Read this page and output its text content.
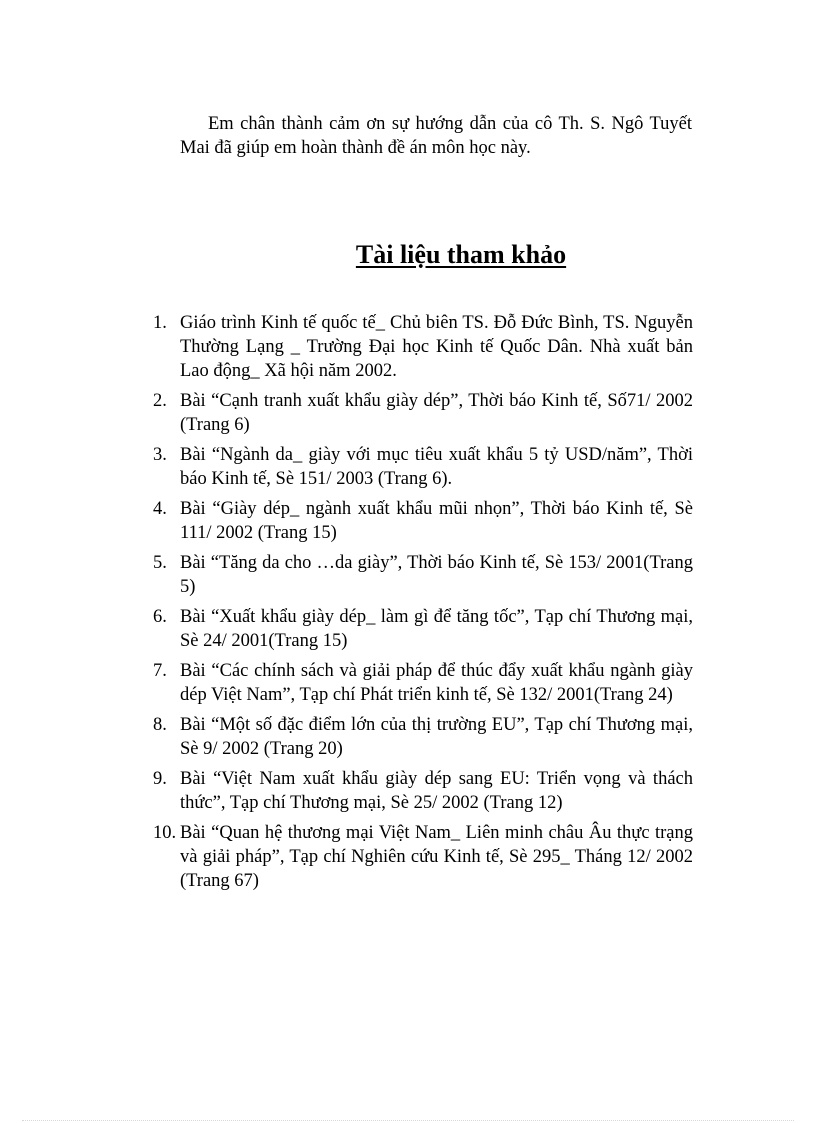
Em chân thành cảm ơn sự hướng dẫn của cô Th. S. Ngô Tuyết Mai đã giúp em hoàn thành đề án môn học này.

Tài liệu tham khảo
1. Giáo trình Kinh tế quốc tế_ Chủ biên TS. Đỗ Đức Bình, TS. Nguyễn Thường Lạng _ Trường Đại học Kinh tế Quốc Dân. Nhà xuất bản Lao động_ Xã hội năm 2002.
2. Bài “Cạnh tranh xuất khẩu giày dép”, Thời báo Kinh tế, Số71/ 2002 (Trang 6)
3. Bài “Ngành da_ giày với mục tiêu xuất khẩu 5 tỷ USD/năm”, Thời báo Kinh tế, Sè 151/ 2003 (Trang 6).
4. Bài “Giày dép_ ngành xuất khẩu mũi nhọn”, Thời báo Kinh tế, Sè 111/ 2002 (Trang 15)
5. Bài “Tăng da cho …da giày”, Thời báo Kinh tế, Sè 153/ 2001(Trang 5)
6. Bài “Xuất khẩu giày dép_ làm gì để tăng tốc”, Tạp chí Thương mại, Sè 24/ 2001(Trang 15)
7. Bài “Các chính sách và giải pháp để thúc đẩy xuất khẩu ngành giày dép Việt Nam”, Tạp chí Phát triển kinh tế, Sè 132/ 2001(Trang 24)
8. Bài “Một số đặc điểm lớn của thị trường EU”, Tạp chí Thương mại, Sè 9/ 2002 (Trang 20)
9. Bài “Việt Nam xuất khẩu giày dép sang EU: Triển vọng và thách thức”, Tạp chí Thương mại, Sè 25/ 2002 (Trang 12)
10. Bài “Quan hệ thương mại Việt Nam_ Liên minh châu Âu thực trạng và giải pháp”, Tạp chí Nghiên cứu Kinh tế, Sè 295_ Tháng 12/ 2002 (Trang 67)
